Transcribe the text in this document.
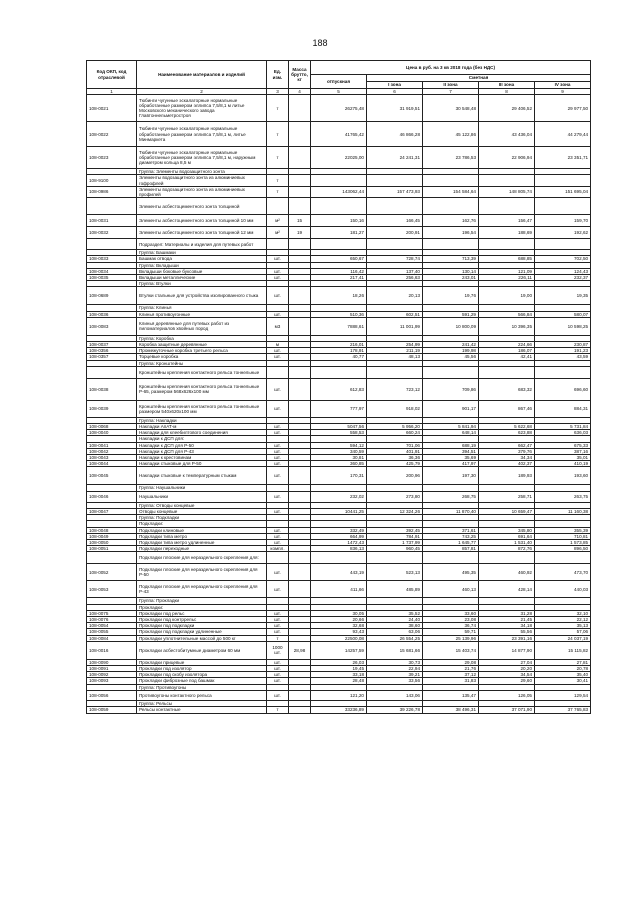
188
Код ОКП, код отраслевой	Наименование материалов и изделий	Ед. изм.	Масса брутто, кг	Цена в руб. на 3 кв 2018 года (без НДС)				
				отпускная	Сметная			
					I зона	II зона	III зона	IV зона
1	2	3	4	5	6	7	8	9
108-0021	Тюбинги чугунные эскалаторные нормальные обработанные размером эллипса 7,5/8,1 м литье Московского механического завода Главтоннельметростроя	т		26275,48	31 919,51	30 548,48	29 406,52	29 977,50
108-0022	Тюбинги чугунные эскалаторные нормальные обработанные размером эллипса 7,5/8,1 м, литье Минмаркета	т		41765,42	46 866,28	45 122,86	43 436,04	44 279,44
108-0023	Тюбинги чугунные эскалаторные нормальные обработанные размером эллипса 7,5/8,1 м, наружным диаметром кольца 8,5 м	т		22025,00	24 241,31	23 786,53	22 906,94	23 351,71
	Группа: Элементы водозащитного зонта							
108-9100	Элементы водозащитного зонта из алюминиевых гофрофлей	т						
108-0986	Элементы водозащитного зонта из алюминиевых профилей	т		143062,44	157 473,93	154 584,64	148 805,74	151 695,04
	Элементы асбестоцементного зонта толщиной							
108-0031	Элементы асбестоцементного зонта толщиной 10 мм	м²	15	150,16	166,45	162,76	156,47	159,70
108-0032	Элементы асбестоцементного зонта толщиной 12 мм	м²	19	181,27	200,91	196,54	188,69	192,62
	Подраздел: Материалы и изделия для путевых работ							
	Группа: Башмаки							
108-0033	Башмак отвода	шт.		650,67	728,74	713,39	688,85	702,50
	Группа: Вкладыши							
108-0034	Вкладыши боковые буксовые	шт.		116,42	137,40	130,14	121,09	124,43
108-0035	Вкладыши металлические	шт.		217,41	256,63	243,01	226,11	232,37
	Группа: Втулки							
108-0689	Втулки стальные для устройства изолированного стыка	шт.		18,26	20,13	19,76	19,00	19,35
	Группа: Клинья							
108-0036	Клинья противоугонные	шт.		510,36	602,51	591,29	566,84	580,07
108-0083	Клинья деревянные для путевых работ из пиломатериалов хвойных пород	м3		7888,61	11 001,99	10 800,09	10 396,35	10 598,25
	Группа: Коробка							
108-0037	Коробка защитные деревянные	м		216,01	254,99	241,42	224,66	230,87
108-0356	Промежуточные коробка третьего рельса	шт.		178,91	211,19	199,98	186,07	191,23
108-0357	Торцевые коробка	шт.		40,77	48,13	45,56	42,41	43,59
	Группа: Кронштейны							
	Кронштейны крепления контактного рельса тоннельные							
108-0038	Кронштейны крепления контактного рельса тоннельные Р-65, размером 568x626x100 мм	шт.		612,83	723,12	709,86	683,32	696,60
108-0039	Кронштейны крепления контактного рельса тоннельные размером 540x620x100 мм	шт.		777,97	918,02	901,17	867,46	884,31
	Группа: Накладки							
108-0068	Накладки АпАТ-м	шт.		5047,56	5 956,20	5 841,94	5 622,68	5 731,84
108-0040	Накладки для клеебилтового соединения	шт.		558,53	660,24	648,14	623,88	636,03
	Накладки к ДСП для:							
108-0041	Накладки к ДСП для Р-50	шт.		594,12	701,06	688,19	662,47	675,33
108-0042	Накладки к ДСП для Р-43	шт.		340,59	401,91	394,51	379,76	387,16
108-0043	Накладки к крестовинам	шт.		30,81	36,36	35,69	34,34	35,01
108-0044	Накладки стыковые для Р-50	шт.		360,85	425,79	417,97	402,37	410,19
108-0045	Накладки стыковые к температурным стыкам	шт.		170,31	200,96	197,30	189,93	193,60
	Группа: Наушальники							
108-0046	Наушальники	шт.		232,02	273,80	268,75	258,71	263,75
	Группа: Отводы концевые							
108-0047	Отводы концевые	шт.		10441,25	12 324,26	11 870,40	10 659,47	11 160,38
	Группа: Подкладки							
	Подкладки:							
108-0048	Подкладки клиновые	шт.		332,49	392,45	371,61	345,80	355,39
108-0049	Подкладки типа метро	шт.		664,99	784,91	743,25	691,64	710,81
108-0050	Подкладки типа метро удлиненные	шт.		1472,43	1 737,99	1 645,77	1 531,40	1 573,85
108-0051	Подкладки переходные	компл.		836,13	960,45	857,81	872,76	896,50
	Подкладки плоские для нераздельного скрепления для:							
108-0052	Подкладки плоские для нераздельного скрепления для Р-50	шт.		443,19	523,13	495,35	460,92	473,70
108-0053	Подкладки плоские для нераздельного скрепления для Р-43	шт.		411,66	485,89	460,13	428,14	440,03
	Группа: Прокладки							
	Прокладки:							
108-0075	Прокладки под рельс	шт.		30,05	35,52	33,60	31,28	32,10
108-0076	Прокладки под контррельс	шт.		20,66	24,40	23,08	21,45	22,12
108-0054	Прокладки под подкладки	шт.		32,68	38,60	36,74	34,18	35,13
108-0055	Прокладки под подкладки удлиненные	шт.		93,43	63,06	59,71	55,56	57,06
108-0084	Прокладки уплотнительные массой до 500 кг	т		22500,08	26 554,25	25 139,96	23 391,16	24 037,19
108-0016	Прокладки асбестобитумные диаметром 60 мм	1000 шт.	28,98	14257,59	15 681,66	15 403,74	14 877,90	15 115,82
108-0090	Прокладки прицевые	шт.		26,03	30,73	29,08	27,04	27,81
108-0091	Прокладки под изолятор	шт.		19,45	22,94	21,76	20,20	20,78
108-0092	Прокладки под скобу изолятора	шт.		33,18	39,21	37,12	34,54	35,40
108-0093	Прокладки фиброзные под башмак	шт.		28,48	33,56	31,83	29,60	30,41
	Группа: Противоугоны							
108-0056	Противоугоны контактного рельса	шт.		121,20	143,06	135,47	126,05	129,54
	Группа: Рельсы							
108-0059	Рельсы контактные	т		33236,89	39 226,78	38 496,31	37 071,90	37 765,83
